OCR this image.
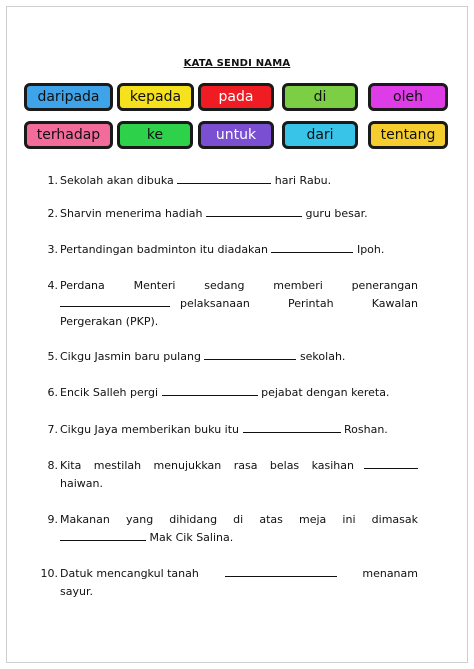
KATA SENDI NAMA
daripada	kepada	pada	di	oleh
terhadap	ke	untuk	dari	tentang
1. Sekolah akan dibuka	hari Rabu.
2. Sharvin menerima hadiah	guru besar.
3. Pertandingan badminton itu diadakan	Ipoh.
4. Perdana Menteri sedang memberi penerangan
pelaksanaan Perintah Kawalan
Pergerakan (PKP).
5. Cikgu Jasmin baru pulang	sekolah.
6. Encik Salleh pergi	pejabat dengan kereta.
7. Cikgu Jaya memberikan buku itu	Roshan.
8. Kita mestilah menujukkan rasa belas kasihan
haiwan.
9. Makanan yang dihidang di atas meja ini dimasak
Mak Cik Salina.
10. Datuk mencangkul tanah	menanam
sayur.
